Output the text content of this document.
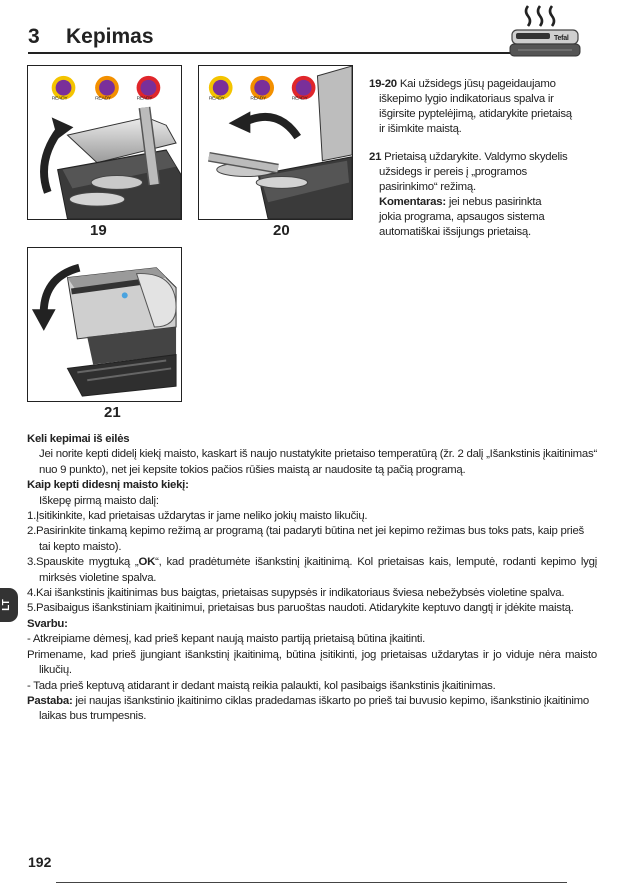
3 Kepimas	Tefal
READY	READY	READY
19
READY	READY	READY
20
21
19-20 Kai užsidegs jūsų pageidaujamo
iškepimo lygio indikatoriaus spalva ir
išgirsite pyptelėjimą, atidarykite prietaisą
ir išimkite maistą.
21 Prietaisą uždarykite. Valdymo skydelis
užsidegs ir pereis į „programos
pasirinkimo“ režimą.
Komentaras: jei nebus pasirinkta
jokia programa, apsaugos sistema
automatiškai išsijungs prietaisą.

Keli kepimai iš eilės

Jei norite kepti didelį kiekį maisto, kaskart iš naujo nustatykite prietaiso temperatūrą (žr. 2 dalį „Išankstinis įkaitinimas“ nuo 9 punkto), net jei kepsite tokios pačios rūšies maistą ar naudosite tą pačią programą.

Kaip kepti didesnį maisto kiekį:

Iškepę pirmą maisto dalį:

1.Įsitikinkite, kad prietaisas uždarytas ir jame neliko jokių maisto likučių.

2.Pasirinkite tinkamą kepimo režimą ar programą (tai padaryti būtina net jei kepimo režimas bus toks pats, kaip prieš tai kepto maisto).

3.Spauskite mygtuką „OK“, kad pradėtumėte išankstinį įkaitinimą. Kol prietaisas kais, lemputė, rodanti kepimo lygį mirksės violetine spalva.

4.Kai išankstinis įkaitinimas bus baigtas, prietaisas supypsės ir indikatoriaus šviesa nebežybsės violetine spalva.

5.Pasibaigus išankstiniam įkaitinimui, prietaisas bus paruoštas naudoti. Atidarykite keptuvo dangtį ir įdėkite maistą.

Svarbu:

- Atkreipiame dėmesį, kad prieš kepant naują maisto partiją prietaisą būtina įkaitinti.

Primename, kad prieš įjungiant išankstinį įkaitinimą, būtina įsitikinti, jog prietaisas uždarytas ir jo viduje nėra maisto likučių.

- Tada prieš keptuvą atidarant ir dedant maistą reikia palaukti, kol pasibaigs išankstinis įkaitinimas.

Pastaba: jei naujas išankstinio įkaitinimo ciklas pradedamas iškarto po prieš tai buvusio kepimo, išankstinio įkaitinimo laikas bus trumpesnis.

LT
192
